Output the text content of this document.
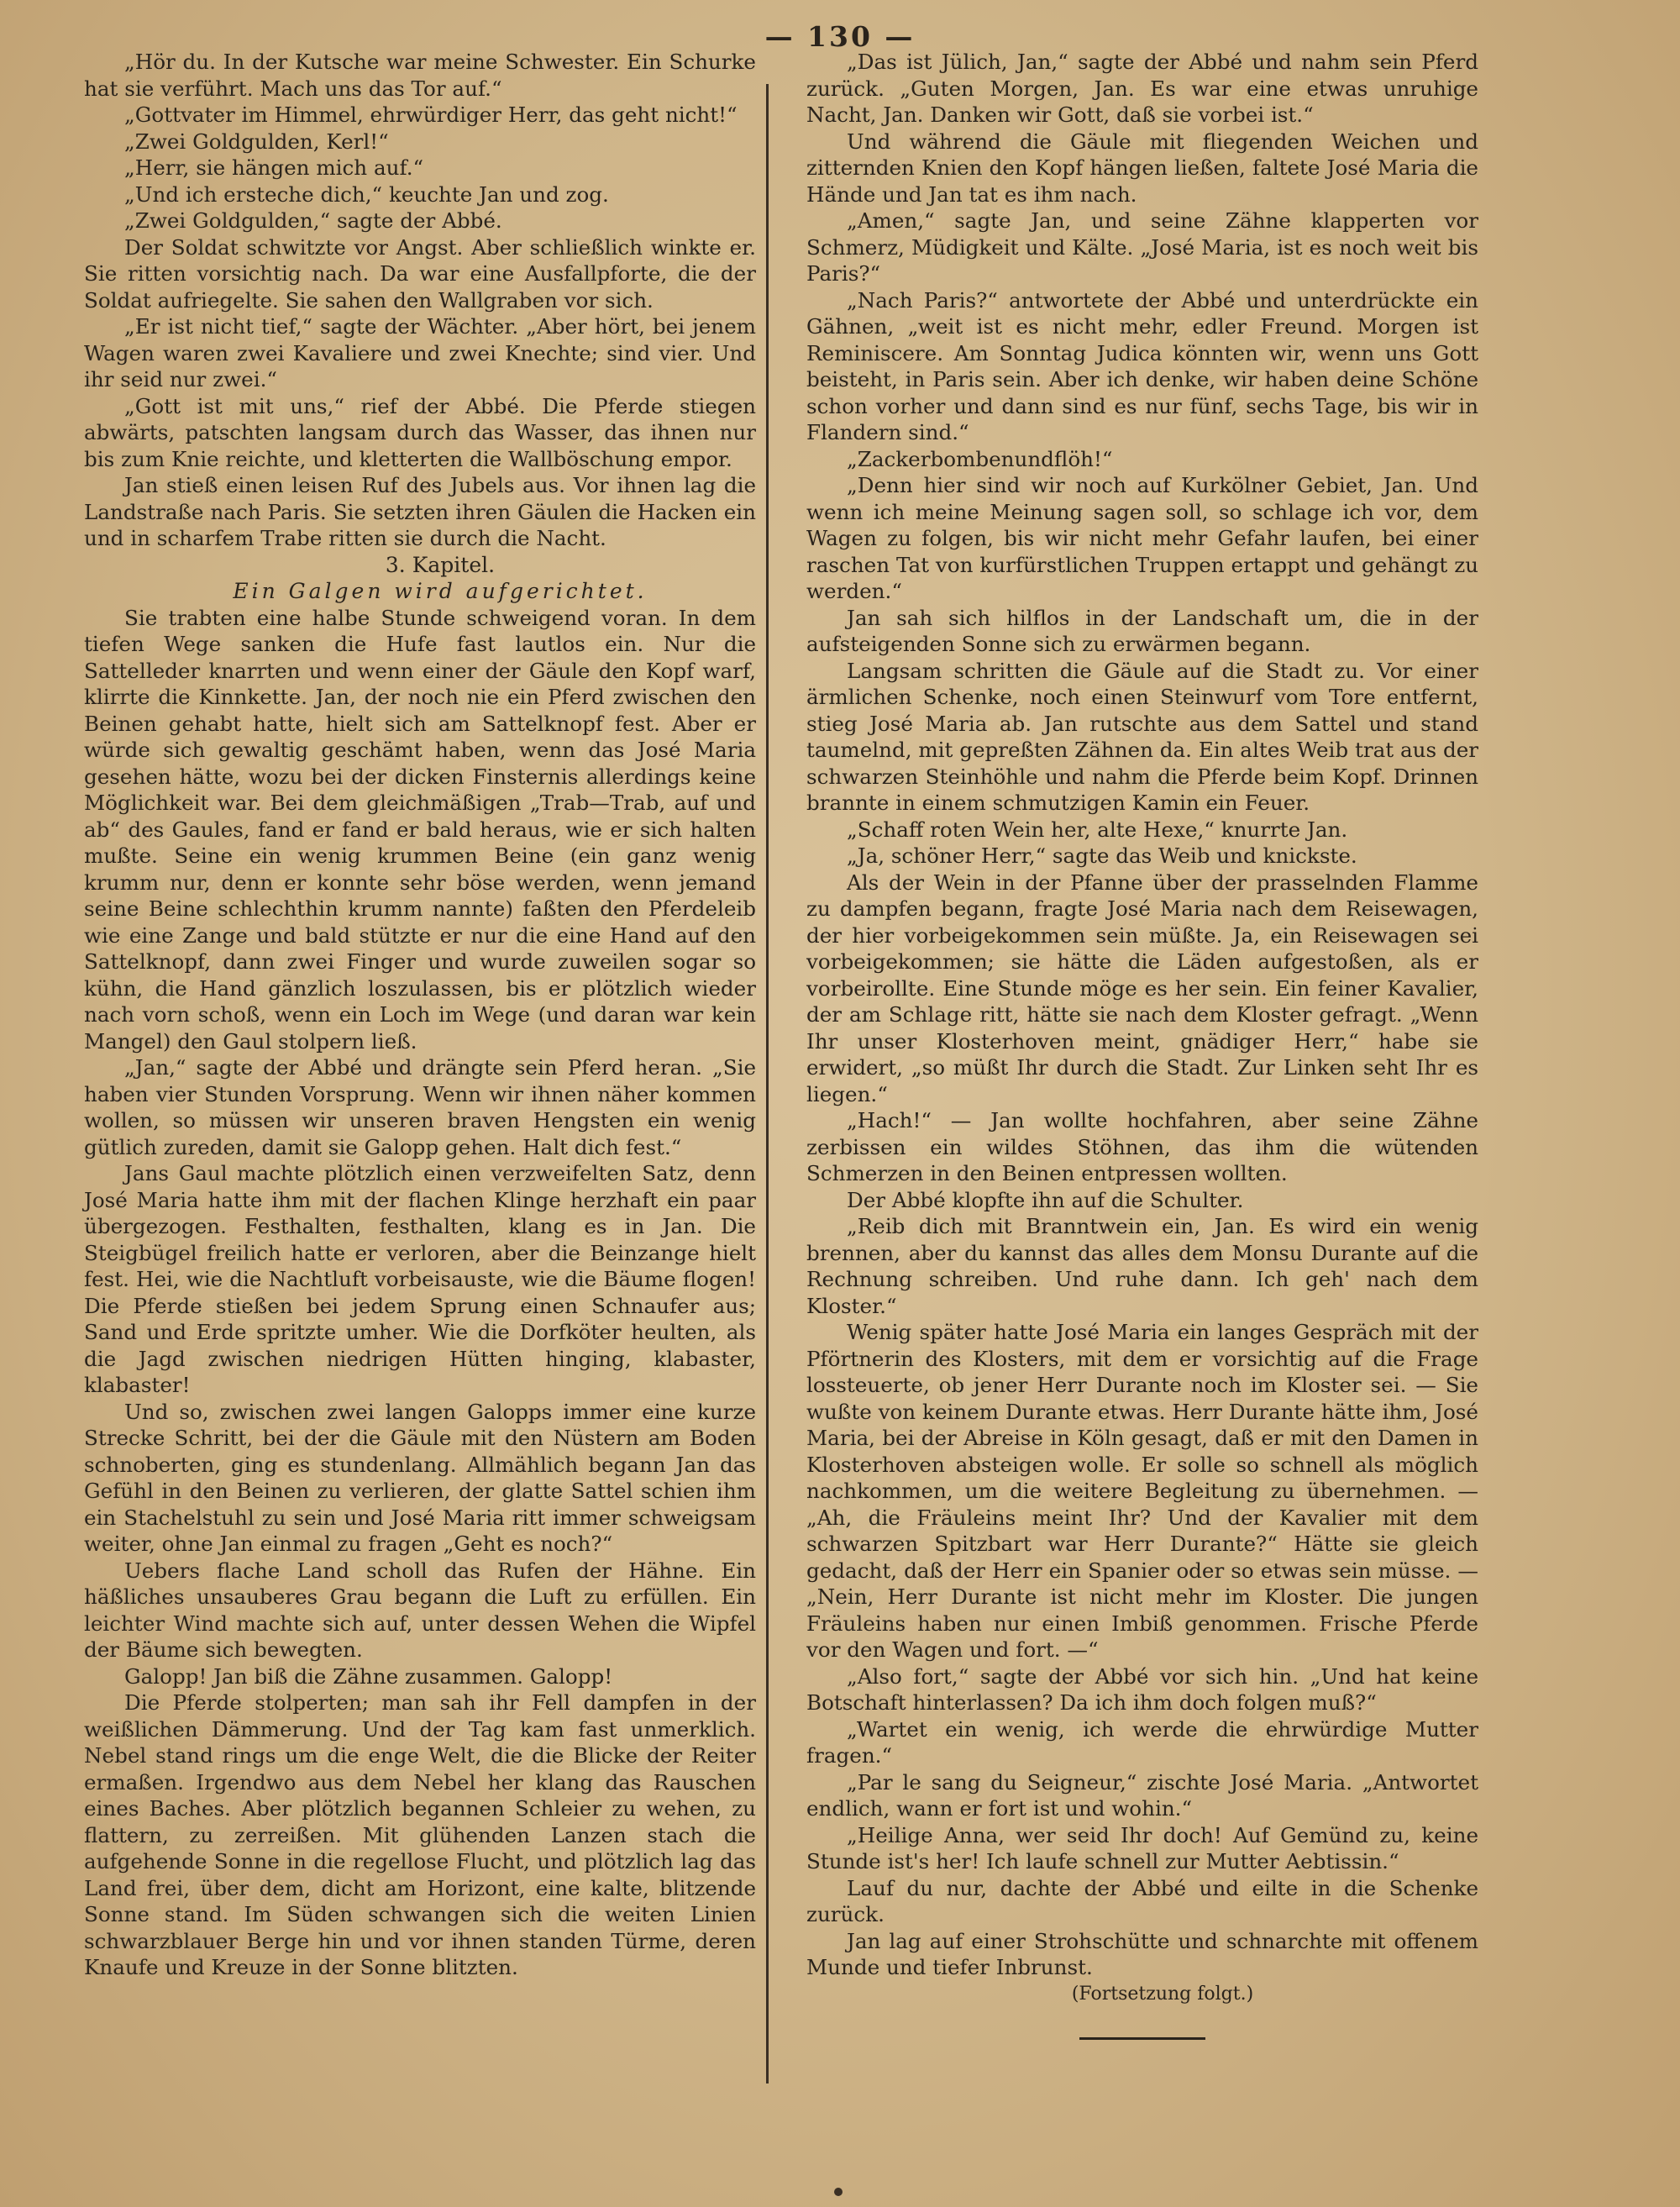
— 130 —

„Hör du. In der Kutsche war meine Schwester. Ein Schurke hat sie verführt. Mach uns das Tor auf.“

„Gottvater im Himmel, ehrwürdiger Herr, das geht nicht!“

„Zwei Goldgulden, Kerl!“

„Herr, sie hängen mich auf.“

„Und ich ersteche dich,“ keuchte Jan und zog.

„Zwei Goldgulden,“ sagte der Abbé.

Der Soldat schwitzte vor Angst. Aber schließlich winkte er. Sie ritten vorsichtig nach. Da war eine Ausfallpforte, die der Soldat aufriegelte. Sie sahen den Wallgraben vor sich.

„Er ist nicht tief,“ sagte der Wächter. „Aber hört, bei jenem Wagen waren zwei Kavaliere und zwei Knechte; sind vier. Und ihr seid nur zwei.“

„Gott ist mit uns,“ rief der Abbé. Die Pferde stiegen abwärts, patschten langsam durch das Wasser, das ihnen nur bis zum Knie reichte, und kletterten die Wallböschung empor.

Jan stieß einen leisen Ruf des Jubels aus. Vor ihnen lag die Landstraße nach Paris. Sie setzten ihren Gäulen die Hacken ein und in scharfem Trabe ritten sie durch die Nacht.

3. Kapitel.

Ein Galgen wird aufgerichtet.

Sie trabten eine halbe Stunde schweigend voran. In dem tiefen Wege sanken die Hufe fast lautlos ein. Nur die Sattelleder knarrten und wenn einer der Gäule den Kopf warf, klirrte die Kinnkette. Jan, der noch nie ein Pferd zwischen den Beinen gehabt hatte, hielt sich am Sattelknopf fest. Aber er würde sich gewaltig geschämt haben, wenn das José Maria gesehen hätte, wozu bei der dicken Finsternis allerdings keine Möglichkeit war. Bei dem gleichmäßigen „Trab—Trab, auf und ab“ des Gaules, fand er fand er bald heraus, wie er sich halten mußte. Seine ein wenig krummen Beine (ein ganz wenig krumm nur, denn er konnte sehr böse werden, wenn jemand seine Beine schlechthin krumm nannte) faßten den Pferdeleib wie eine Zange und bald stützte er nur die eine Hand auf den Sattelknopf, dann zwei Finger und wurde zuweilen sogar so kühn, die Hand gänzlich loszulassen, bis er plötzlich wieder nach vorn schoß, wenn ein Loch im Wege (und daran war kein Mangel) den Gaul stolpern ließ.

„Jan,“ sagte der Abbé und drängte sein Pferd heran. „Sie haben vier Stunden Vorsprung. Wenn wir ihnen näher kommen wollen, so müssen wir unseren braven Hengsten ein wenig gütlich zureden, damit sie Galopp gehen. Halt dich fest.“

Jans Gaul machte plötzlich einen verzweifelten Satz, denn José Maria hatte ihm mit der flachen Klinge herzhaft ein paar übergezogen. Festhalten, festhalten, klang es in Jan. Die Steigbügel freilich hatte er verloren, aber die Beinzange hielt fest. Hei, wie die Nachtluft vorbeisauste, wie die Bäume flogen! Die Pferde stießen bei jedem Sprung einen Schnaufer aus; Sand und Erde spritzte umher. Wie die Dorfköter heulten, als die Jagd zwischen niedrigen Hütten hinging, klabaster, klabaster!

Und so, zwischen zwei langen Galopps immer eine kurze Strecke Schritt, bei der die Gäule mit den Nüstern am Boden schnoberten, ging es stundenlang. Allmählich begann Jan das Gefühl in den Beinen zu verlieren, der glatte Sattel schien ihm ein Stachelstuhl zu sein und José Maria ritt immer schweigsam weiter, ohne Jan einmal zu fragen „Geht es noch?“

Uebers flache Land scholl das Rufen der Hähne. Ein häßliches unsauberes Grau begann die Luft zu erfüllen. Ein leichter Wind machte sich auf, unter dessen Wehen die Wipfel der Bäume sich bewegten.

Galopp! Jan biß die Zähne zusammen. Galopp!

Die Pferde stolperten; man sah ihr Fell dampfen in der weißlichen Dämmerung. Und der Tag kam fast unmerklich. Nebel stand rings um die enge Welt, die die Blicke der Reiter ermaßen. Irgendwo aus dem Nebel her klang das Rauschen eines Baches. Aber plötzlich begannen Schleier zu wehen, zu flattern, zu zerreißen. Mit glühenden Lanzen stach die aufgehende Sonne in die regellose Flucht, und plötzlich lag das Land frei, über dem, dicht am Horizont, eine kalte, blitzende Sonne stand. Im Süden schwangen sich die weiten Linien schwarzblauer Berge hin und vor ihnen standen Türme, deren Knaufe und Kreuze in der Sonne blitzten.

„Das ist Jülich, Jan,“ sagte der Abbé und nahm sein Pferd zurück. „Guten Morgen, Jan. Es war eine etwas unruhige Nacht, Jan. Danken wir Gott, daß sie vorbei ist.“

Und während die Gäule mit fliegenden Weichen und zitternden Knien den Kopf hängen ließen, faltete José Maria die Hände und Jan tat es ihm nach.

„Amen,“ sagte Jan, und seine Zähne klapperten vor Schmerz, Müdigkeit und Kälte. „José Maria, ist es noch weit bis Paris?“

„Nach Paris?“ antwortete der Abbé und unterdrückte ein Gähnen, „weit ist es nicht mehr, edler Freund. Morgen ist Reminiscere. Am Sonntag Judica könnten wir, wenn uns Gott beisteht, in Paris sein. Aber ich denke, wir haben deine Schöne schon vorher und dann sind es nur fünf, sechs Tage, bis wir in Flandern sind.“

„Zackerbombenundflöh!“

„Denn hier sind wir noch auf Kurkölner Gebiet, Jan. Und wenn ich meine Meinung sagen soll, so schlage ich vor, dem Wagen zu folgen, bis wir nicht mehr Gefahr laufen, bei einer raschen Tat von kurfürstlichen Truppen ertappt und gehängt zu werden.“

Jan sah sich hilflos in der Landschaft um, die in der aufsteigenden Sonne sich zu erwärmen begann.

Langsam schritten die Gäule auf die Stadt zu. Vor einer ärmlichen Schenke, noch einen Steinwurf vom Tore entfernt, stieg José Maria ab. Jan rutschte aus dem Sattel und stand taumelnd, mit gepreßten Zähnen da. Ein altes Weib trat aus der schwarzen Steinhöhle und nahm die Pferde beim Kopf. Drinnen brannte in einem schmutzigen Kamin ein Feuer.

„Schaff roten Wein her, alte Hexe,“ knurrte Jan.

„Ja, schöner Herr,“ sagte das Weib und knickste.

Als der Wein in der Pfanne über der prasselnden Flamme zu dampfen begann, fragte José Maria nach dem Reisewagen, der hier vorbeigekommen sein müßte. Ja, ein Reisewagen sei vorbeigekommen; sie hätte die Läden aufgestoßen, als er vorbeirollte. Eine Stunde möge es her sein. Ein feiner Kavalier, der am Schlage ritt, hätte sie nach dem Kloster gefragt. „Wenn Ihr unser Klosterhoven meint, gnädiger Herr,“ habe sie erwidert, „so müßt Ihr durch die Stadt. Zur Linken seht Ihr es liegen.“

„Hach!“ — Jan wollte hochfahren, aber seine Zähne zerbissen ein wildes Stöhnen, das ihm die wütenden Schmerzen in den Beinen entpressen wollten.

Der Abbé klopfte ihn auf die Schulter.

„Reib dich mit Branntwein ein, Jan. Es wird ein wenig brennen, aber du kannst das alles dem Monsu Durante auf die Rechnung schreiben. Und ruhe dann. Ich geh' nach dem Kloster.“

Wenig später hatte José Maria ein langes Gespräch mit der Pförtnerin des Klosters, mit dem er vorsichtig auf die Frage lossteuerte, ob jener Herr Durante noch im Kloster sei. — Sie wußte von keinem Durante etwas. Herr Durante hätte ihm, José Maria, bei der Abreise in Köln gesagt, daß er mit den Damen in Klosterhoven absteigen wolle. Er solle so schnell als möglich nachkommen, um die weitere Begleitung zu übernehmen. — „Ah, die Fräuleins meint Ihr? Und der Kavalier mit dem schwarzen Spitzbart war Herr Durante?“ Hätte sie gleich gedacht, daß der Herr ein Spanier oder so etwas sein müsse. — „Nein, Herr Durante ist nicht mehr im Kloster. Die jungen Fräuleins haben nur einen Imbiß genommen. Frische Pferde vor den Wagen und fort. —“

„Also fort,“ sagte der Abbé vor sich hin. „Und hat keine Botschaft hinterlassen? Da ich ihm doch folgen muß?“

„Wartet ein wenig, ich werde die ehrwürdige Mutter fragen.“

„Par le sang du Seigneur,“ zischte José Maria. „Antwortet endlich, wann er fort ist und wohin.“

„Heilige Anna, wer seid Ihr doch! Auf Gemünd zu, keine Stunde ist's her! Ich laufe schnell zur Mutter Aebtissin.“

Lauf du nur, dachte der Abbé und eilte in die Schenke zurück.

Jan lag auf einer Strohschütte und schnarchte mit offenem Munde und tiefer Inbrunst.

(Fortsetzung folgt.)
